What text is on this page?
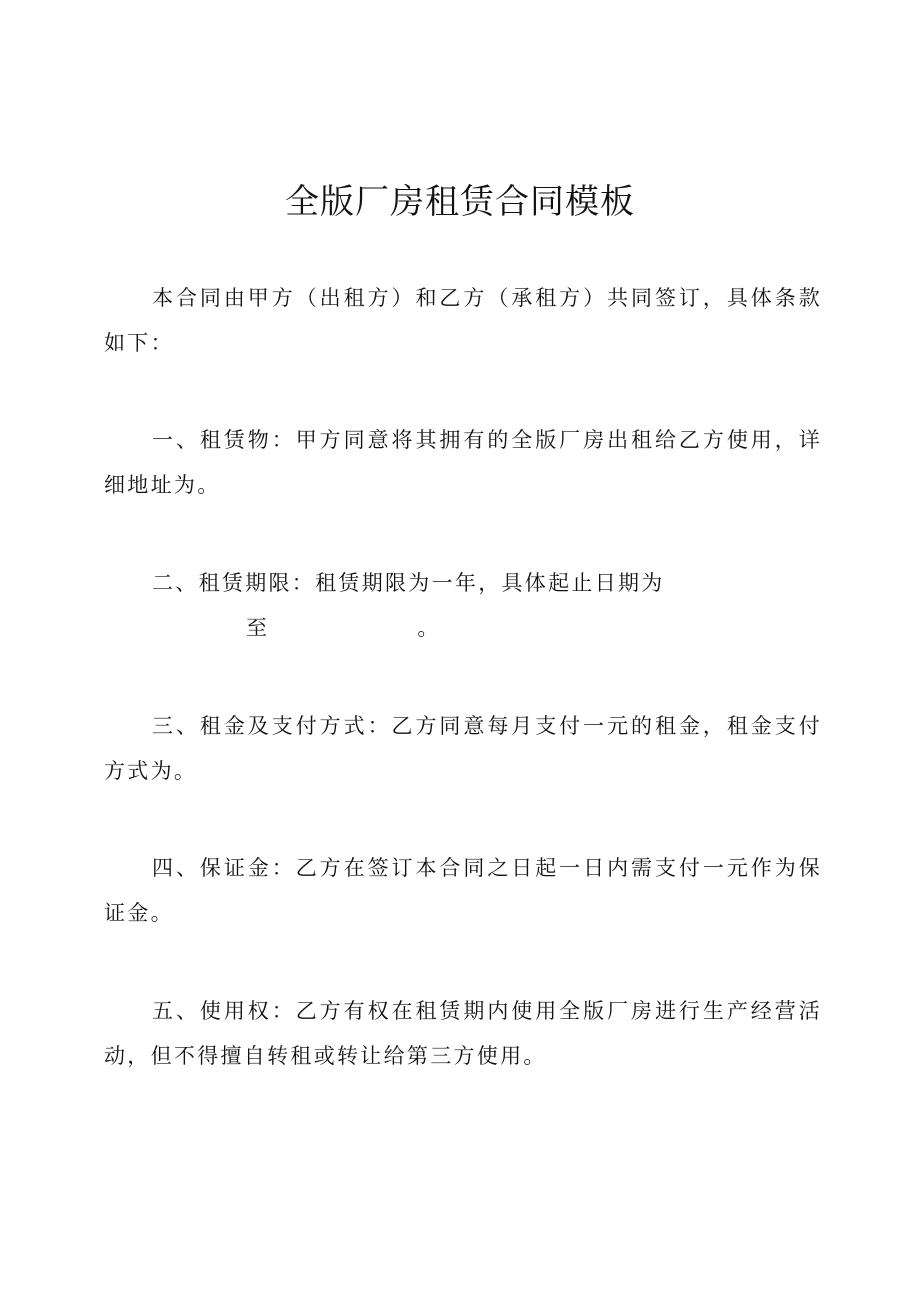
全版厂房租赁合同模板

本合同由甲方（出租方）和乙方（承租方）共同签订，具体条款如下：

一、租赁物：甲方同意将其拥有的全版厂房出租给乙方使用，详细地址为。

二、租赁期限：租赁期限为一年，具体起止日期为
至	。

三、租金及支付方式：乙方同意每月支付一元的租金，租金支付方式为。

四、保证金：乙方在签订本合同之日起一日内需支付一元作为保证金。

五、使用权：乙方有权在租赁期内使用全版厂房进行生产经营活动，但不得擅自转租或转让给第三方使用。
